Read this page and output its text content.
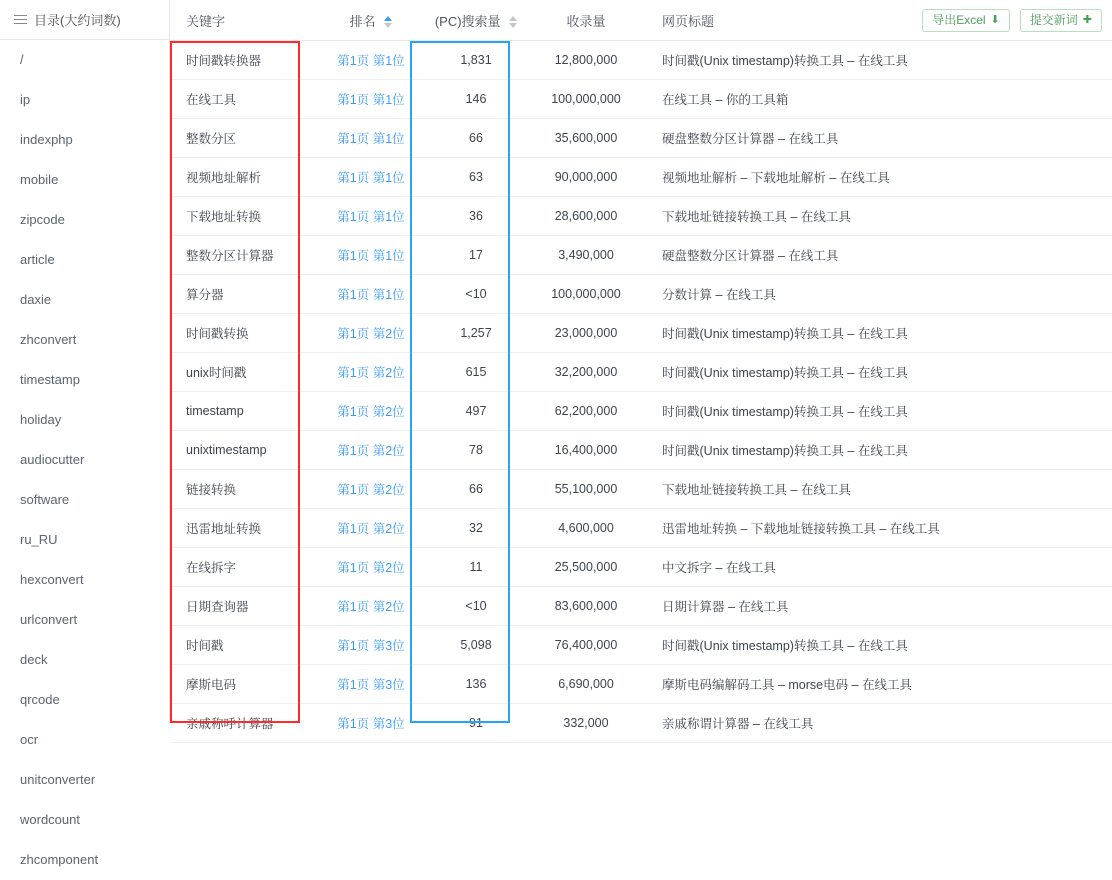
目录(大约词数)
/
ip
indexphp
mobile
zipcode
article
daxie
zhconvert
timestamp
holiday
audiocutter
software
ru_RU
hexconvert
urlconvert
deck
qrcode
ocr
unitconverter
wordcount
zhcomponent
导出Excel ⬇	提交新词 ✚
关键字	排名	(PC)搜索量	收录量	网页标题
时间戳转换器	第1页 第1位	1,831	12,800,000	时间戳(Unix timestamp)转换工具 – 在线工具
在线工具	第1页 第1位	146	100,000,000	在线工具 – 你的工具箱
整数分区	第1页 第1位	66	35,600,000	硬盘整数分区计算器 – 在线工具
视频地址解析	第1页 第1位	63	90,000,000	视频地址解析 – 下载地址解析 – 在线工具
下载地址转换	第1页 第1位	36	28,600,000	下载地址链接转换工具 – 在线工具
整数分区计算器	第1页 第1位	17	3,490,000	硬盘整数分区计算器 – 在线工具
算分器	第1页 第1位	<10	100,000,000	分数计算 – 在线工具
时间戳转换	第1页 第2位	1,257	23,000,000	时间戳(Unix timestamp)转换工具 – 在线工具
unix时间戳	第1页 第2位	615	32,200,000	时间戳(Unix timestamp)转换工具 – 在线工具
timestamp	第1页 第2位	497	62,200,000	时间戳(Unix timestamp)转换工具 – 在线工具
unixtimestamp	第1页 第2位	78	16,400,000	时间戳(Unix timestamp)转换工具 – 在线工具
链接转换	第1页 第2位	66	55,100,000	下载地址链接转换工具 – 在线工具
迅雷地址转换	第1页 第2位	32	4,600,000	迅雷地址转换 – 下载地址链接转换工具 – 在线工具
在线拆字	第1页 第2位	11	25,500,000	中文拆字 – 在线工具
日期查询器	第1页 第2位	<10	83,600,000	日期计算器 – 在线工具
时间戳	第1页 第3位	5,098	76,400,000	时间戳(Unix timestamp)转换工具 – 在线工具
摩斯电码	第1页 第3位	136	6,690,000	摩斯电码编解码工具 – morse电码 – 在线工具
亲戚称呼计算器	第1页 第3位	91	332,000	亲戚称谓计算器 – 在线工具
